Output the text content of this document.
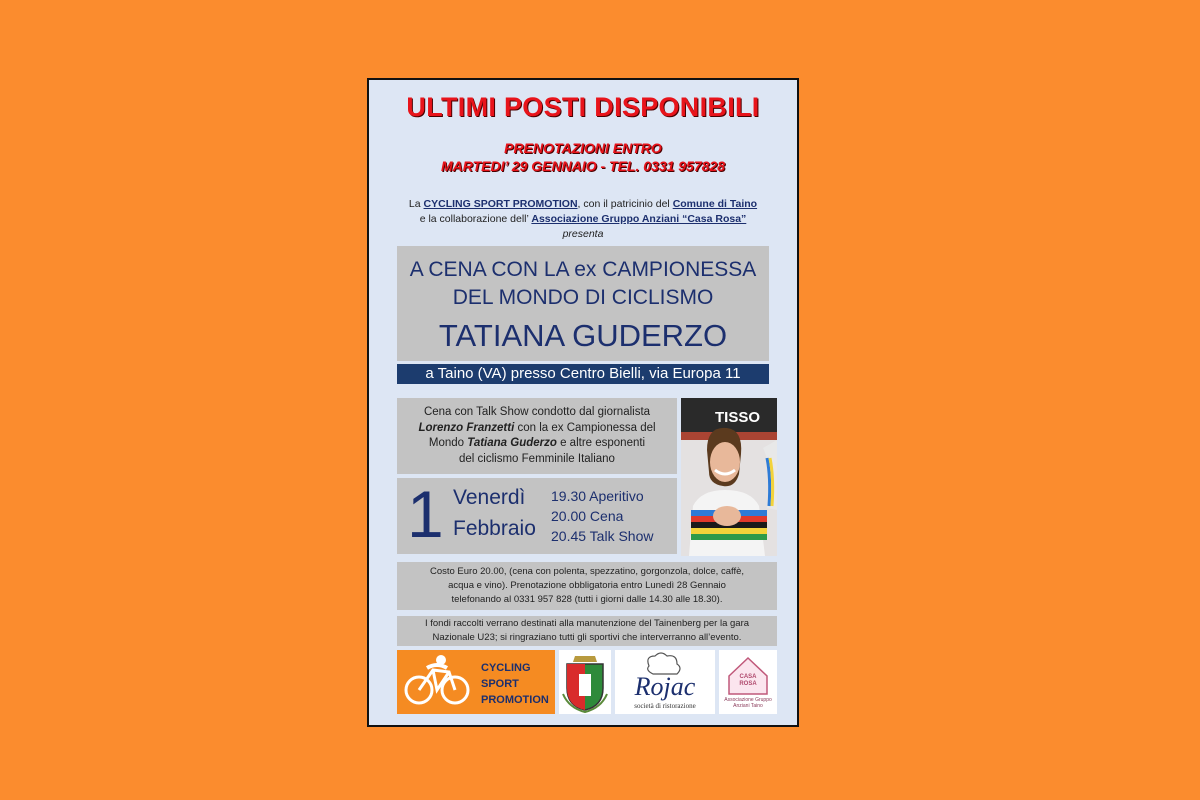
ULTIMI POSTI DISPONIBILI
PRENOTAZIONI ENTRO
MARTEDI’ 29 GENNAIO - TEL. 0331 957828
La CYCLING SPORT PROMOTION, con il patricinio del Comune di Taino
e la collaborazione dell’ Associazione Gruppo Anziani “Casa Rosa”
presenta
A CENA CON LA ex CAMPIONESSA
DEL MONDO DI CICLISMO
TATIANA GUDERZO
a Taino (VA) presso Centro Bielli, via Europa 11
Cena con Talk Show condotto dal giornalista
Lorenzo Franzetti con la ex Campionessa del
Mondo Tatiana Guderzo e altre esponenti
del ciclismo Femminile Italiano
1 Venerdì
Febbraio
19.30 Aperitivo
20.00 Cena
20.45 Talk Show
TISSO
Costo Euro 20.00, (cena con polenta, spezzatino, gorgonzola, dolce, caffè,
acqua e vino). Prenotazione obbligatoria entro Lunedì 28 Gennaio
telefonando al 0331 957 828 (tutti i giorni dalle 14.30 alle 18.30).
I fondi raccolti verrano destinati alla manutenzione del Tainenberg per la gara
Nazionale U23; si ringraziano tutti gli sportivi che interverranno all’evento.
CYCLING
SPORT
PROMOTION	Rojac
società di ristorazione
CASA
ROSA
Associazione Gruppo
Anziani Taino
